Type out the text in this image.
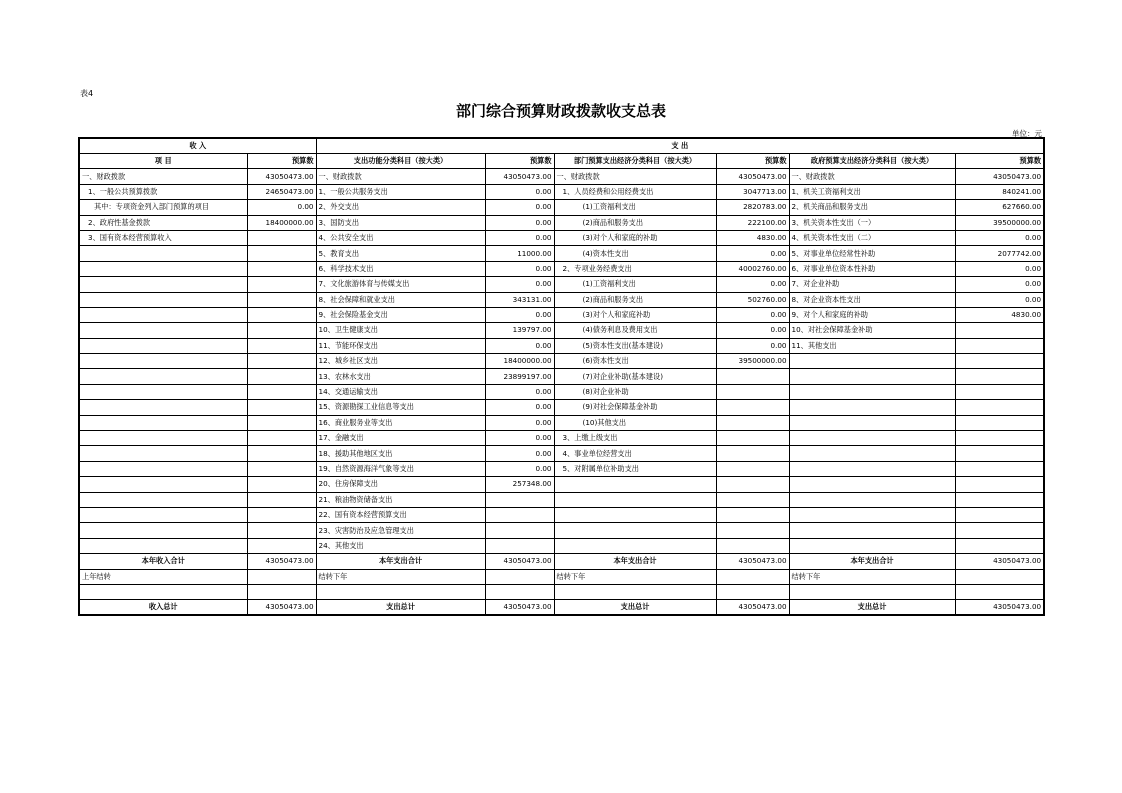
表4
部门综合预算财政拨款收支总表
单位：元
收 入		支 出					
项 目	预算数	支出功能分类科目（按大类）	预算数	部门预算支出经济分类科目（按大类）	预算数	政府预算支出经济分类科目（按大类）	预算数
一、财政拨款	43050473.00	一、财政拨款	43050473.00	一、财政拨款	43050473.00	一、财政拨款	43050473.00
1、一般公共预算拨款	24650473.00	1、一般公共服务支出	0.00	1、人员经费和公用经费支出	3047713.00	1、机关工资福利支出	840241.00
其中：专项资金列入部门预算的项目	0.00	2、外交支出	0.00	(1)工资福利支出	2820783.00	2、机关商品和服务支出	627660.00
2、政府性基金拨款	18400000.00	3、国防支出	0.00	(2)商品和服务支出	222100.00	3、机关资本性支出（一）	39500000.00
3、国有资本经营预算收入		4、公共安全支出	0.00	(3)对个人和家庭的补助	4830.00	4、机关资本性支出（二）	0.00
		5、教育支出	11000.00	(4)资本性支出	0.00	5、对事业单位经常性补助	2077742.00
		6、科学技术支出	0.00	2、专项业务经费支出	40002760.00	6、对事业单位资本性补助	0.00
		7、文化旅游体育与传媒支出	0.00	(1)工资福利支出	0.00	7、对企业补助	0.00
		8、社会保障和就业支出	343131.00	(2)商品和服务支出	502760.00	8、对企业资本性支出	0.00
		9、社会保险基金支出	0.00	(3)对个人和家庭补助	0.00	9、对个人和家庭的补助	4830.00
		10、卫生健康支出	139797.00	(4)债务利息及费用支出	0.00	10、对社会保障基金补助	
		11、节能环保支出	0.00	(5)资本性支出(基本建设)	0.00	11、其他支出	
		12、城乡社区支出	18400000.00	(6)资本性支出	39500000.00		
		13、农林水支出	23899197.00	(7)对企业补助(基本建设)			
		14、交通运输支出	0.00	(8)对企业补助			
		15、资源勘探工业信息等支出	0.00	(9)对社会保障基金补助			
		16、商业服务业等支出	0.00	(10)其他支出			
		17、金融支出	0.00	3、上缴上级支出			
		18、援助其他地区支出	0.00	4、事业单位经营支出			
		19、自然资源海洋气象等支出	0.00	5、对附属单位补助支出			
		20、住房保障支出	257348.00				
		21、粮油物资储备支出					
		22、国有资本经营预算支出					
		23、灾害防治及应急管理支出					
		24、其他支出					
本年收入合计	43050473.00	本年支出合计	43050473.00	本年支出合计	43050473.00	本年支出合计	43050473.00
上年结转		结转下年		结转下年		结转下年	

收入总计	43050473.00	支出总计	43050473.00	支出总计	43050473.00	支出总计	43050473.00
